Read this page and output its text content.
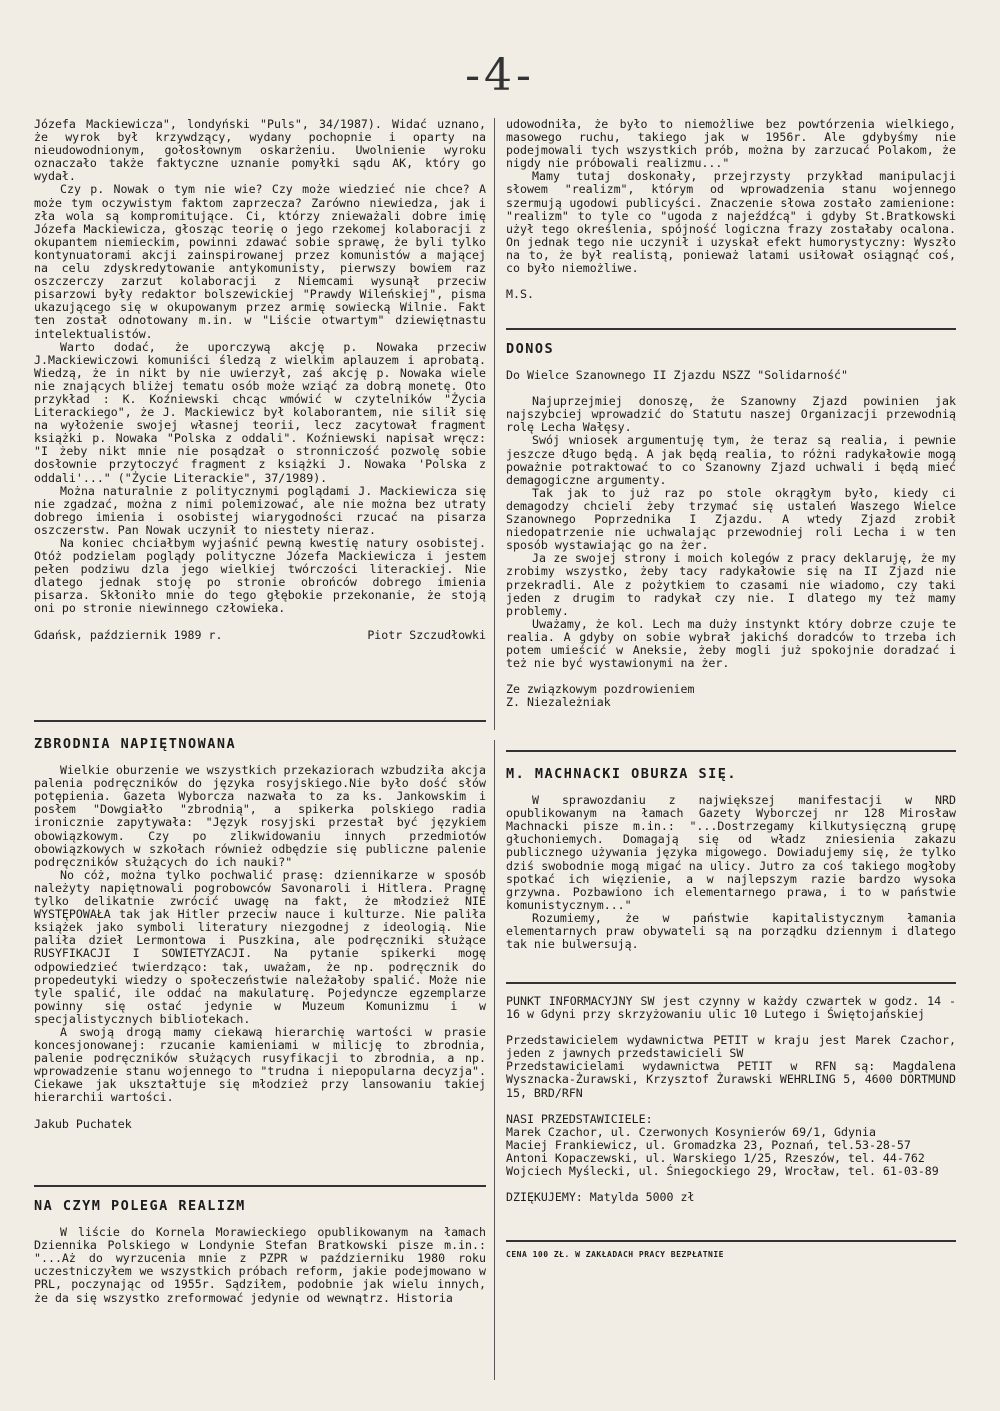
-4-

Józefa Mackiewicza", londyński "Puls", 34/1987). Widać uznano, że wyrok był krzywdzący, wydany pochopnie i oparty na nieudowodnionym, gołosłownym oskarżeniu. Uwolnienie wyroku oznaczało także faktyczne uznanie pomyłki sądu AK, który go wydał.

Czy p. Nowak o tym nie wie? Czy może wiedzieć nie chce? A może tym oczywistym faktom zaprzecza? Zarówno niewiedza, jak i zła wola są kompromitujące. Ci, którzy znieważali dobre imię Józefa Mackiewicza, głosząc teorię o jego rzekomej kolaboracji z okupantem niemieckim, powinni zdawać sobie sprawę, że byli tylko kontynuatorami akcji zainspirowanej przez komunistów a mającej na celu zdyskredytowanie antykomunisty, pierwszy bowiem raz oszczerczy zarzut kolaboracji z Niemcami wysunął przeciw pisarzowi były redaktor bolszewickiej "Prawdy Wileńskiej", pisma ukazującego się w okupowanym przez armię sowiecką Wilnie. Fakt ten został odnotowany m.in. w "Liście otwartym" dziewiętnastu intelektualistów.

Warto dodać, że uporczywą akcję p. Nowaka przeciw J.Mackiewiczowi komuniści śledzą z wielkim aplauzem i aprobatą. Wiedzą, że in nikt by nie uwierzył, zaś akcję p. Nowaka wiele nie znających bliżej tematu osób może wziąć za dobrą monetę. Oto przykład : K. Koźniewski chcąc wmówić w czytelników "Życia Literackiego", że J. Mackiewicz był kolaborantem, nie silił się na wyłożenie swojej własnej teorii, lecz zacytował fragment książki p. Nowaka "Polska z oddali". Koźniewski napisał wręcz: "I żeby nikt mnie nie posądzał o stronniczość pozwolę sobie dosłownie przytoczyć fragment z książki J. Nowaka 'Polska z oddali'..." ("Życie Literackie", 37/1989).

Można naturalnie z politycznymi poglądami J. Mackiewicza się nie zgadzać, można z nimi polemizować, ale nie można bez utraty dobrego imienia i osobistej wiarygodności rzucać na pisarza oszczerstw. Pan Nowak uczynił to niestety nieraz.

Na koniec chciałbym wyjaśnić pewną kwestię natury osobistej. Otóż podzielam poglądy polityczne Józefa Mackiewicza i jestem pełen podziwu dzla jego wielkiej twórczości literackiej. Nie dlatego jednak stoję po stronie obrońców dobrego imienia pisarza. Skłoniło mnie do tego głębokie przekonanie, że stoją oni po stronie niewinnego człowieka.

Gdańsk, październik 1989 r.	Piotr Szczudłowki

ZBRODNIA NAPIĘTNOWANA

Wielkie oburzenie we wszystkich przekaziorach wzbudziła akcja palenia podręczników do języka rosyjskiego.Nie było dość słów potępienia. Gazeta Wyborcza nazwała to za ks. Jankowskim i posłem "Dowgiałło "zbrodnią", a spikerka polskiego radia ironicznie zapytywała: "Język rosyjski przestał być językiem obowiązkowym. Czy po zlikwidowaniu innych przedmiotów obowiązkowych w szkołach również odbędzie się publiczne palenie podręczników służących do ich nauki?"

No cóż, można tylko pochwalić prasę: dziennikarze w sposób należyty napiętnowali pogrobowców Savonaroli i Hitlera. Pragnę tylko delikatnie zwrócić uwagę na fakt, że młodzież NIE WYSTĘPOWAŁA tak jak Hitler przeciw nauce i kulturze. Nie paliła książek jako symboli literatury niezgodnej z ideologią. Nie paliła dzieł Lermontowa i Puszkina, ale podręczniki służące RUSYFIKACJI I SOWIETYZACJI. Na pytanie spikerki mogę odpowiedzieć twierdząco: tak, uważam, że np. podręcznik do propedeutyki wiedzy o społeczeństwie należałoby spalić. Może nie tyle spalić, ile oddać na makulaturę. Pojedyncze egzemplarze powinny się ostać jedynie w Muzeum Komunizmu i w specjalistycznych bibliotekach.

A swoją drogą mamy ciekawą hierarchię wartości w prasie koncesjonowanej: rzucanie kamieniami w milicję to zbrodnia, palenie podręczników służących rusyfikacji to zbrodnia, a np. wprowadzenie stanu wojennego to "trudna i niepopularna decyzja". Ciekawe jak ukształtuje się młodzież przy lansowaniu takiej hierarchii wartości.

Jakub Puchatek

NA CZYM POLEGA REALIZM

W liście do Kornela Morawieckiego opublikowanym na łamach Dziennika Polskiego w Londynie Stefan Bratkowski pisze m.in.: "...Aż do wyrzucenia mnie z PZPR w październiku 1980 roku uczestniczyłem we wszystkich próbach reform, jakie podejmowano w PRL, poczynając od 1955r. Sądziłem, podobnie jak wielu innych, że da się wszystko zreformować jedynie od wewnątrz. Historia

udowodniła, że było to niemożliwe bez powtórzenia wielkiego, masowego ruchu, takiego jak w 1956r. Ale gdybyśmy nie podejmowali tych wszystkich prób, można by zarzucać Polakom, że nigdy nie próbowali realizmu..."

Mamy tutaj doskonały, przejrzysty przykład manipulacji słowem "realizm", którym od wprowadzenia stanu wojennego szermują ugodowi publicyści. Znaczenie słowa zostało zamienione: "realizm" to tyle co "ugoda z najeźdźcą" i gdyby St.Bratkowski użył tego określenia, spójność logiczna frazy zostałaby ocalona. On jednak tego nie uczynił i uzyskał efekt humorystyczny: Wyszło na to, że był realistą, ponieważ latami usiłował osiągnąć coś, co było niemożliwe.

M.S.

DONOS

Do Wielce Szanownego II Zjazdu NSZZ "Solidarność"

Najuprzejmiej donoszę, że Szanowny Zjazd powinien jak najszybciej wprowadzić do Statutu naszej Organizacji przewodnią rolę Lecha Wałęsy.

Swój wniosek argumentuję tym, że teraz są realia, i pewnie jeszcze długo będą. A jak będą realia, to różni radykałowie mogą poważnie potraktować to co Szanowny Zjazd uchwali i będą mieć demagogiczne argumenty.

Tak jak to już raz po stole okrągłym było, kiedy ci demagodzy chcieli żeby trzymać się ustaleń Waszego Wielce Szanownego Poprzednika I Zjazdu. A wtedy Zjazd zrobił niedopatrzenie nie uchwalając przewodniej roli Lecha i w ten sposób wystawiając go na żer.

Ja ze swojej strony i moich kolegów z pracy deklaruję, że my zrobimy wszystko, żeby tacy radykałowie się na II Zjazd nie przekradli. Ale z pożytkiem to czasami nie wiadomo, czy taki jeden z drugim to radykał czy nie. I dlatego my też mamy problemy.

Uważamy, że kol. Lech ma duży instynkt który dobrze czuje te realia. A gdyby on sobie wybrał jakichś doradców to trzeba ich potem umieścić w Aneksie, żeby mogli już spokojnie doradzać i też nie być wystawionymi na żer.

Ze związkowym pozdrowieniem

Z. Niezależniak

M. MACHNACKI OBURZA SIĘ.

W sprawozdaniu z największej manifestacji w NRD opublikowanym na łamach Gazety Wyborczej nr 128 Mirosław Machnacki pisze m.in.: "...Dostrzegamy kilkutysięczną grupę głuchoniemych. Domagają się od władz zniesienia zakazu publicznego używania języka migowego. Dowiadujemy się, że tylko dziś swobodnie mogą migać na ulicy. Jutro za coś takiego mogłoby spotkać ich więzienie, a w najlepszym razie bardzo wysoka grzywna. Pozbawiono ich elementarnego prawa, i to w państwie komunistycznym..."

Rozumiemy, że w państwie kapitalistycznym łamania elementarnych praw obywateli są na porządku dziennym i dlatego tak nie bulwersują.

PUNKT INFORMACYJNY SW jest czynny w każdy czwartek w godz. 14 - 16 w Gdyni przy skrzyżowaniu ulic 10 Lutego i Świętojańskiej

Przedstawicielem wydawnictwa PETIT w kraju jest Marek Czachor, jeden z jawnych przedstawicieli SW

Przedstawicielami wydawnictwa PETIT w RFN są: Magdalena Wysznacka-Żurawski, Krzysztof Żurawski WEHRLING 5, 4600 DORTMUND 15, BRD/RFN

NASI PRZEDSTAWICIELE:

Marek Czachor, ul. Czerwonych Kosynierów 69/1, Gdynia

Maciej Frankiewicz, ul. Gromadzka 23, Poznań, tel.53-28-57

Antoni Kopaczewski, ul. Warskiego 1/25, Rzeszów, tel. 44-762

Wojciech Myślecki, ul. Śniegockiego 29, Wrocław, tel. 61-03-89

DZIĘKUJEMY: Matylda 5000 zł

CENA 100 ZŁ. W ZAKŁADACH PRACY BEZPŁATNIE
